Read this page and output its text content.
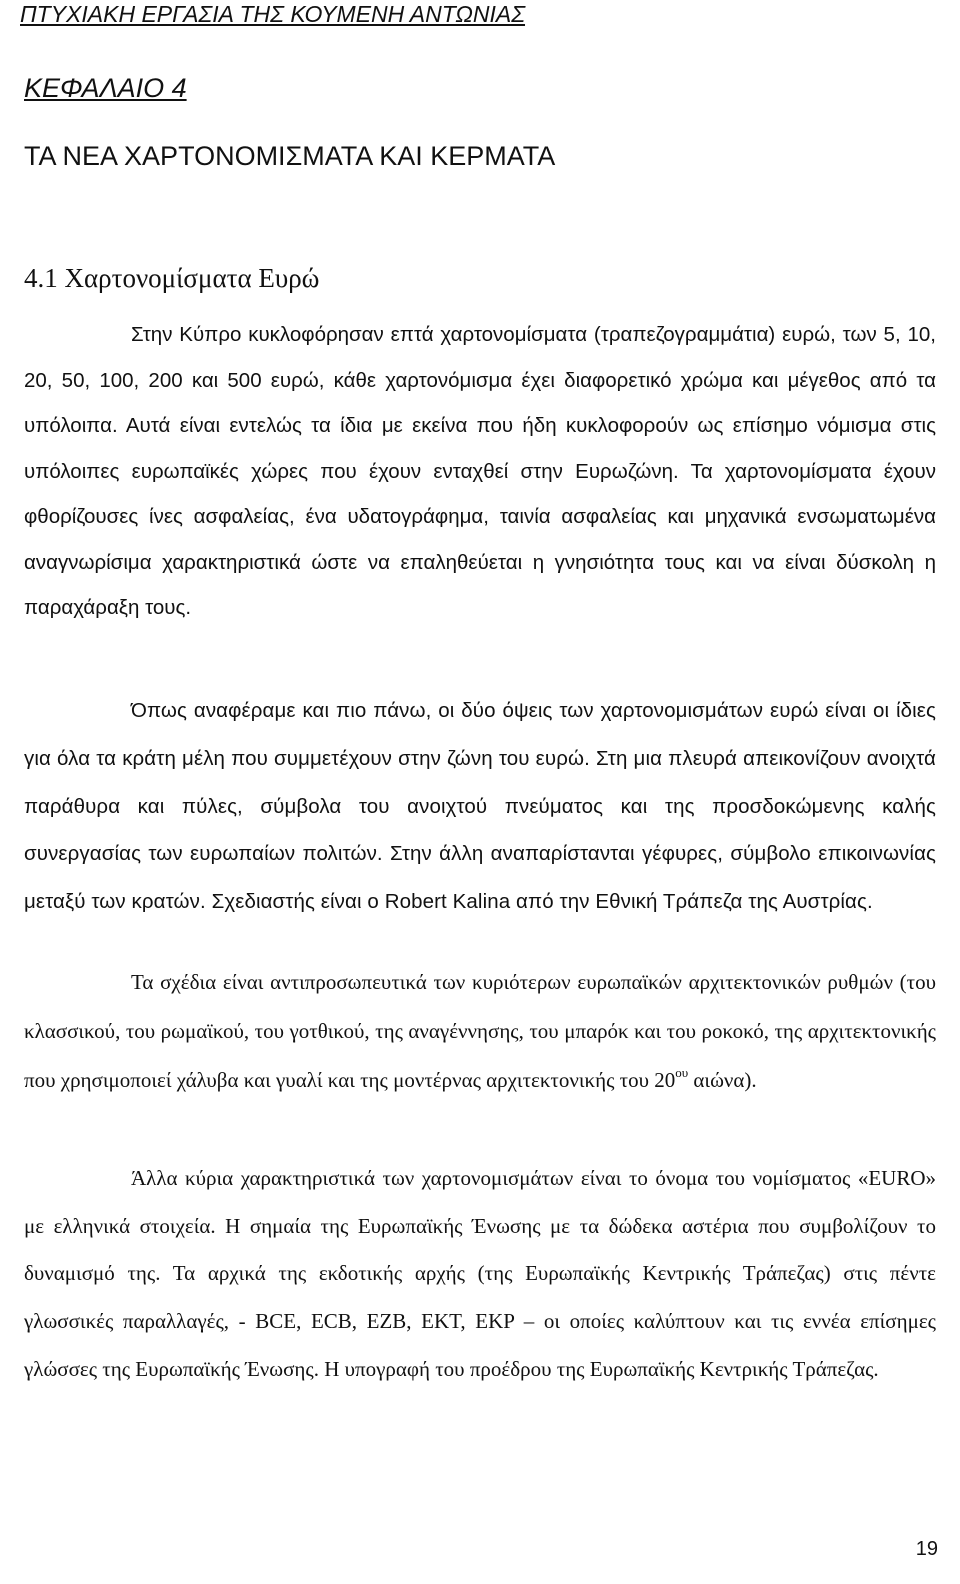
ΠΤΥΧΙΑΚΗ ΕΡΓΑΣΙΑ ΤΗΣ ΚΟΥΜΕΝΗ ΑΝΤΩΝΙΑΣ
ΚΕΦΑΛΑΙΟ 4
ΤΑ ΝΕΑ ΧΑΡΤΟΝΟΜΙΣΜΑΤΑ ΚΑΙ ΚΕΡΜΑΤΑ
4.1 Χαρτονομίσματα Ευρώ

Στην Κύπρο κυκλοφόρησαν επτά χαρτονομίσματα (τραπεζογραμμάτια) ευρώ, των 5, 10, 20, 50, 100, 200 και 500 ευρώ, κάθε χαρτονόμισμα έχει διαφορετικό χρώμα και μέγεθος από τα υπόλοιπα. Αυτά είναι εντελώς τα ίδια με εκείνα που ήδη κυκλοφορούν ως επίσημο νόμισμα στις υπόλοιπες ευρωπαϊκές χώρες που έχουν ενταχθεί στην Ευρωζώνη. Τα χαρτονομίσματα έχουν φθορίζουσες ίνες ασφαλείας, ένα υδατογράφημα, ταινία ασφαλείας και μηχανικά ενσωματωμένα αναγνωρίσιμα χαρακτηριστικά ώστε να επαληθεύεται η γνησιότητα τους και να είναι δύσκολη η παραχάραξη τους.

Όπως αναφέραμε και πιο πάνω, οι δύο όψεις των χαρτονομισμάτων ευρώ είναι οι ίδιες για όλα τα κράτη μέλη που συμμετέχουν στην ζώνη του ευρώ. Στη μια πλευρά απεικονίζουν ανοιχτά παράθυρα και πύλες, σύμβολα του ανοιχτού πνεύματος και της προσδοκώμενης καλής συνεργασίας των ευρωπαίων πολιτών. Στην άλλη αναπαρίστανται γέφυρες, σύμβολο επικοινωνίας μεταξύ των κρατών. Σχεδιαστής είναι ο Robert Kalina από την Εθνική Τράπεζα της Αυστρίας.

Τα σχέδια είναι αντιπροσωπευτικά των κυριότερων ευρωπαϊκών αρχιτεκτονικών ρυθμών (του κλασσικού, του ρωμαϊκού, του γοτθικού, της αναγέννησης, του μπαρόκ και του ροκοκό, της αρχιτεκτονικής που χρησιμοποιεί χάλυβα και γυαλί και της μοντέρνας αρχιτεκτονικής του $20^{o\upsilon}$ αιώνα).

Άλλα κύρια χαρακτηριστικά των χαρτονομισμάτων είναι το όνομα του νομίσματος «EURO» με ελληνικά στοιχεία. Η σημαία της Ευρωπαϊκής Ένωσης με τα δώδεκα αστέρια που συμβολίζουν το δυναμισμό της. Τα αρχικά της εκδοτικής αρχής (της Ευρωπαϊκής Κεντρικής Τράπεζας) στις πέντε γλωσσικές παραλλαγές, - BCE, ECB, EZB, EKT, EKP – οι οποίες καλύπτουν και τις εννέα επίσημες γλώσσες της Ευρωπαϊκής Ένωσης. Η υπογραφή του προέδρου της Ευρωπαϊκής Κεντρικής Τράπεζας.

19
